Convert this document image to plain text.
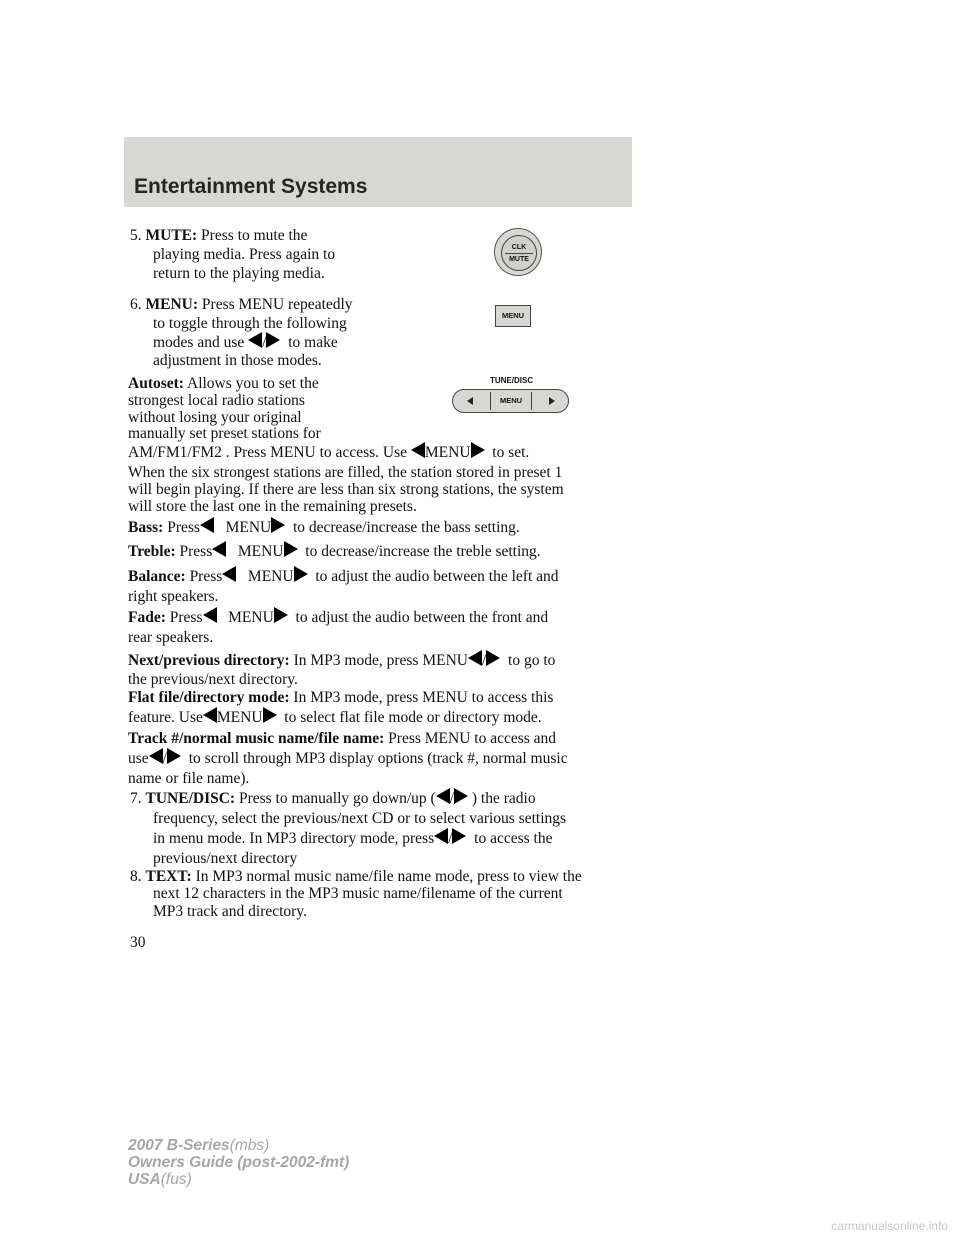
Entertainment Systems
CLK
MUTE
MENU
TUNE/DISC
MENU
5. MUTE: Press to mute the
playing media. Press again to
return to the playing media.
6. MENU: Press MENU repeatedly
to toggle through the following
modes and use / to make
adjustment in those modes.
Autoset: Allows you to set the
strongest local radio stations
without losing your original
manually set preset stations for
AM/FM1/FM2 . Press MENU to access. Use MENU to set.
When the six strongest stations are filled, the station stored in preset 1
will begin playing. If there are less than six strong stations, the system
will store the last one in the remaining presets.
Bass: Press MENU to decrease/increase the bass setting.
Treble: Press MENU to decrease/increase the treble setting.
Balance: Press MENU to adjust the audio between the left and
right speakers.
Fade: Press MENU to adjust the audio between the front and
rear speakers.
Next/previous directory: In MP3 mode, press MENU / to go to
the previous/next directory.
Flat file/directory mode: In MP3 mode, press MENU to access this
feature. Use MENU to select flat file mode or directory mode.
Track #/normal music name/file name: Press MENU to access and
use / to scroll through MP3 display options (track #, normal music
name or file name).
7. TUNE/DISC: Press to manually go down/up ( / ) the radio
frequency, select the previous/next CD or to select various settings
in menu mode. In MP3 directory mode, press / to access the
previous/next directory
8. TEXT: In MP3 normal music name/file name mode, press to view the
next 12 characters in the MP3 music name/filename of the current
MP3 track and directory.
30
2007 B-Series(mbs)
Owners Guide (post-2002-fmt)
USA(fus)
carmanualsonline.info
